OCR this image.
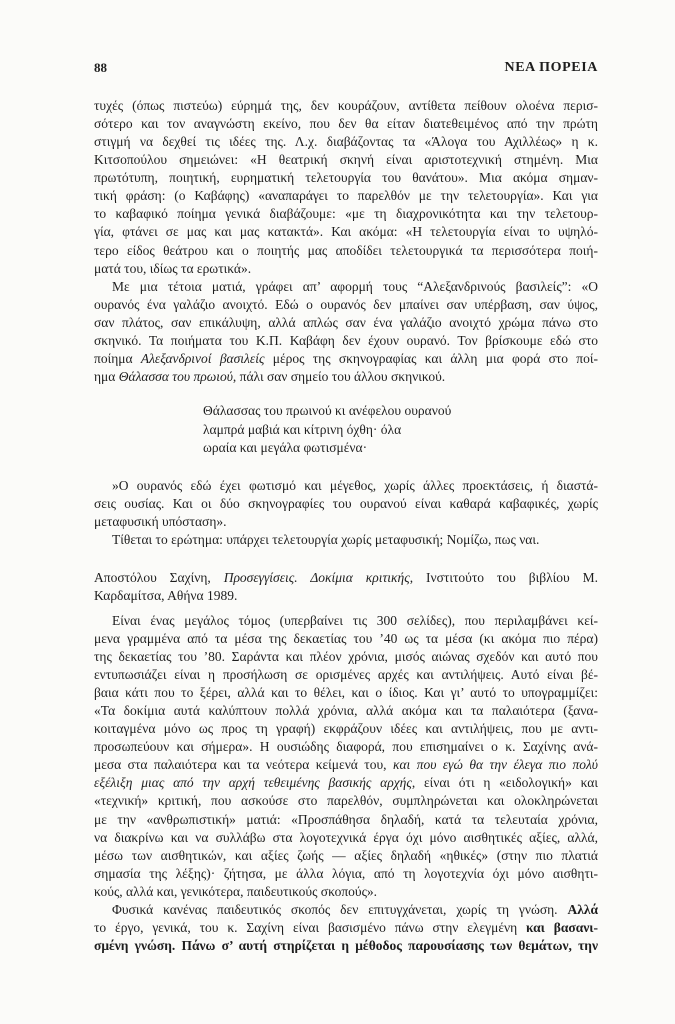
88	ΝΕΑ ΠΟΡΕΙΑ
τυχές (όπως πιστεύω) εύρημά της, δεν κουράζουν, αντίθετα πείθουν ολοένα περισ-
σότερο και τον αναγνώστη εκείνο, που δεν θα είταν διατεθειμένος από την πρώτη
στιγμή να δεχθεί τις ιδέες της. Λ.χ. διαβάζοντας τα «Άλογα του Αχιλλέως» η κ.
Κιτσοπούλου σημειώνει: «Η θεατρική σκηνή είναι αριστοτεχνική στημένη. Μια
πρωτότυπη, ποιητική, ευρηματική τελετουργία του θανάτου». Μια ακόμα σημαν-
τική φράση: (ο Καβάφης) «αναπαράγει το παρελθόν με την τελετουργία». Και για
το καβαφικό ποίημα γενικά διαβάζουμε: «με τη διαχρονικότητα και την τελετουρ-
γία, φτάνει σε μας και μας κατακτά». Και ακόμα: «Η τελετουργία είναι το υψηλό-
τερο είδος θεάτρου και ο ποιητής μας αποδίδει τελετουργικά τα περισσότερα ποιή-
ματά του, ιδίως τα ερωτικά».
Με μια τέτοια ματιά, γράφει απ’ αφορμή τους “Αλεξανδρινούς βασιλείς”: «Ο
ουρανός ένα γαλάζιο ανοιχτό. Εδώ ο ουρανός δεν μπαίνει σαν υπέρβαση, σαν ύψος,
σαν πλάτος, σαν επικάλυψη, αλλά απλώς σαν ένα γαλάζιο ανοιχτό χρώμα πάνω στο
σκηνικό. Τα ποιήματα του Κ.Π. Καβάφη δεν έχουν ουρανό. Τον βρίσκουμε εδώ στο
ποίημα Αλεξανδρινοί βασιλείς μέρος της σκηνογραφίας και άλλη μια φορά στο ποί-
ημα Θάλασσα του πρωιού, πάλι σαν σημείο του άλλου σκηνικού.
Θάλασσας του πρωινού κι ανέφελου ουρανού
λαμπρά μαβιά και κίτρινη όχθη· όλα
ωραία και μεγάλα φωτισμένα·
»Ο ουρανός εδώ έχει φωτισμό και μέγεθος, χωρίς άλλες προεκτάσεις, ή διαστά-
σεις ουσίας. Και οι δύο σκηνογραφίες του ουρανού είναι καθαρά καβαφικές, χωρίς
μεταφυσική υπόσταση».
Τίθεται το ερώτημα: υπάρχει τελετουργία χωρίς μεταφυσική; Νομίζω, πως ναι.
Αποστόλου Σαχίνη, Προσεγγίσεις. Δοκίμια κριτικής, Ινστιτούτο του βιβλίου Μ.
Καρδαμίτσα, Αθήνα 1989.
Είναι ένας μεγάλος τόμος (υπερβαίνει τις 300 σελίδες), που περιλαμβάνει κεί-
μενα γραμμένα από τα μέσα της δεκαετίας του ’40 ως τα μέσα (κι ακόμα πιο πέρα)
της δεκαετίας του ’80. Σαράντα και πλέον χρόνια, μισός αιώνας σχεδόν και αυτό που
εντυπωσιάζει είναι η προσήλωση σε ορισμένες αρχές και αντιλήψεις. Αυτό είναι βέ-
βαια κάτι που το ξέρει, αλλά και το θέλει, και ο ίδιος. Και γι’ αυτό το υπογραμμίζει:
«Τα δοκίμια αυτά καλύπτουν πολλά χρόνια, αλλά ακόμα και τα παλαιότερα (ξανα-
κοιταγμένα μόνο ως προς τη γραφή) εκφράζουν ιδέες και αντιλήψεις, που με αντι-
προσωπεύουν και σήμερα». Η ουσιώδης διαφορά, που επισημαίνει ο κ. Σαχίνης ανά-
μεσα στα παλαιότερα και τα νεότερα κείμενά του, και που εγώ θα την έλεγα πιο πολύ
εξέλιξη μιας από την αρχή τεθειμένης βασικής αρχής, είναι ότι η «ειδολογική» και
«τεχνική» κριτική, που ασκούσε στο παρελθόν, συμπληρώνεται και ολοκληρώνεται
με την «ανθρωπιστική» ματιά: «Προσπάθησα δηλαδή, κατά τα τελευταία χρόνια,
να διακρίνω και να συλλάβω στα λογοτεχνικά έργα όχι μόνο αισθητικές αξίες, αλλά,
μέσω των αισθητικών, και αξίες ζωής — αξίες δηλαδή «ηθικές» (στην πιο πλατιά
σημασία της λέξης)· ζήτησα, με άλλα λόγια, από τη λογοτεχνία όχι μόνο αισθητι-
κούς, αλλά και, γενικότερα, παιδευτικούς σκοπούς».
Φυσικά κανένας παιδευτικός σκοπός δεν επιτυγχάνεται, χωρίς τη γνώση. Αλλά
το έργο, γενικά, του κ. Σαχίνη είναι βασισμένο πάνω στην ελεγμένη και βασανι-
σμένη γνώση. Πάνω σ’ αυτή στηρίζεται η μέθοδος παρουσίασης των θεμάτων, την
